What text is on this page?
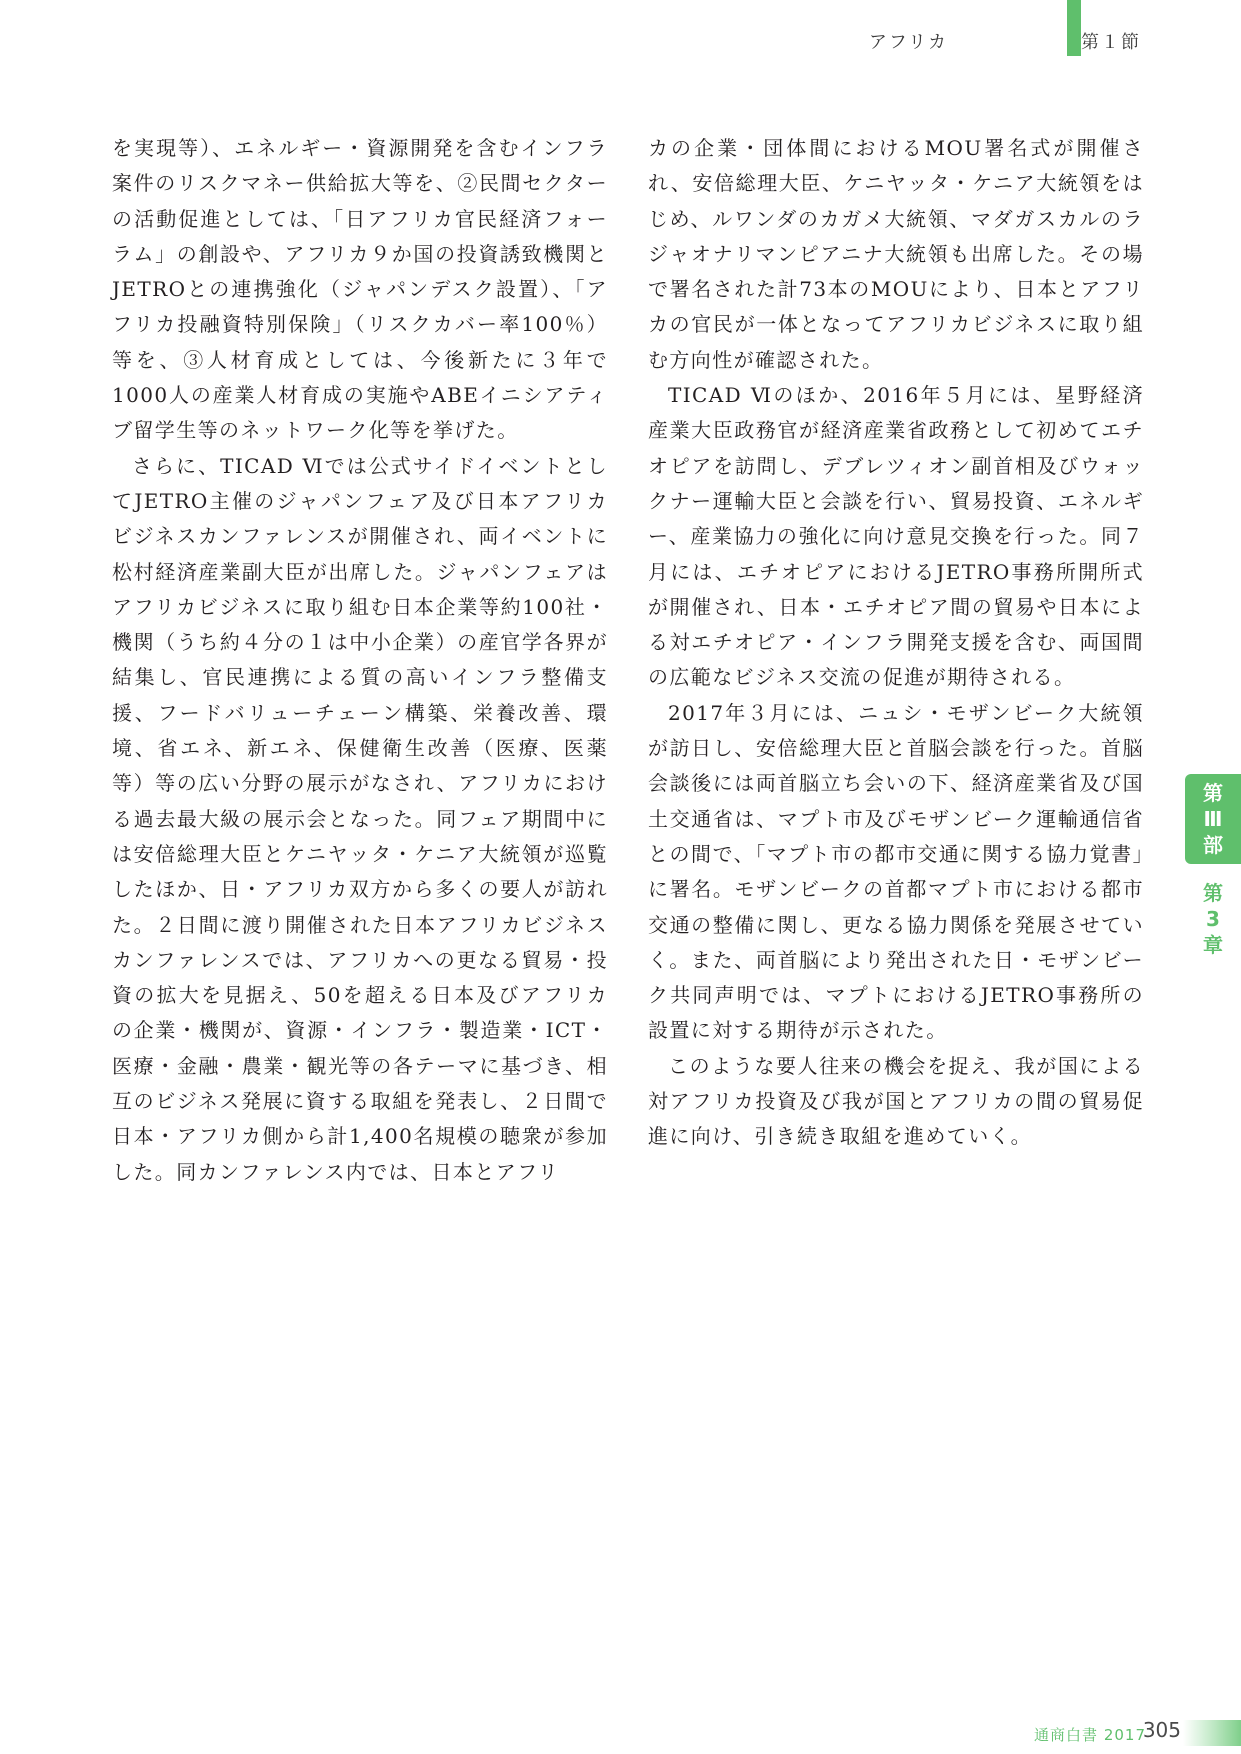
アフリカ	第１節

を実現等）、エネルギー・資源開発を含むインフラ案件のリスクマネー供給拡大等を、②民間セクターの活動促進としては、「日アフリカ官民経済フォーラム」の創設や、アフリカ９か国の投資誘致機関とJETROとの連携強化（ジャパンデスク設置）、「アフリカ投融資特別保険」（リスクカバー率100％）等を、③人材育成としては、今後新たに３年で1000人の産業人材育成の実施やABEイニシアティブ留学生等のネットワーク化等を挙げた。

さらに、TICAD Ⅵでは公式サイドイベントとしてJETRO主催のジャパンフェア及び日本アフリカビジネスカンファレンスが開催され、両イベントに松村経済産業副大臣が出席した。ジャパンフェアはアフリカビジネスに取り組む日本企業等約100社・機関（うち約４分の１は中小企業）の産官学各界が結集し、官民連携による質の高いインフラ整備支援、フードバリューチェーン構築、栄養改善、環境、省エネ、新エネ、保健衛生改善（医療、医薬等）等の広い分野の展示がなされ、アフリカにおける過去最大級の展示会となった。同フェア期間中には安倍総理大臣とケニヤッタ・ケニア大統領が巡覧したほか、日・アフリカ双方から多くの要人が訪れた。２日間に渡り開催された日本アフリカビジネスカンファレンスでは、アフリカへの更なる貿易・投資の拡大を見据え、50を超える日本及びアフリカの企業・機関が、資源・インフラ・製造業・ICT・医療・金融・農業・観光等の各テーマに基づき、相互のビジネス発展に資する取組を発表し、２日間で日本・アフリカ側から計1,400名規模の聴衆が参加した。同カンファレンス内では、日本とアフリ

カの企業・団体間におけるMOU署名式が開催され、安倍総理大臣、ケニヤッタ・ケニア大統領をはじめ、ルワンダのカガメ大統領、マダガスカルのラジャオナリマンピアニナ大統領も出席した。その場で署名された計73本のMOUにより、日本とアフリカの官民が一体となってアフリカビジネスに取り組む方向性が確認された。

TICAD Ⅵのほか、2016年５月には、星野経済産業大臣政務官が経済産業省政務として初めてエチオピアを訪問し、デブレツィオン副首相及びウォックナー運輸大臣と会談を行い、貿易投資、エネルギー、産業協力の強化に向け意見交換を行った。同７月には、エチオピアにおけるJETRO事務所開所式が開催され、日本・エチオピア間の貿易や日本による対エチオピア・インフラ開発支援を含む、両国間の広範なビジネス交流の促進が期待される。

2017年３月には、ニュシ・モザンビーク大統領が訪日し、安倍総理大臣と首脳会談を行った。首脳会談後には両首脳立ち会いの下、経済産業省及び国土交通省は、マプト市及びモザンビーク運輸通信省との間で、「マプト市の都市交通に関する協力覚書」に署名。モザンビークの首都マプト市における都市交通の整備に関し、更なる協力関係を発展させていく。また、両首脳により発出された日・モザンビーク共同声明では、マプトにおけるJETRO事務所の設置に対する期待が示された。

このような要人往来の機会を捉え、我が国による対アフリカ投資及び我が国とアフリカの間の貿易促進に向け、引き続き取組を進めていく。

第
Ⅲ
部
第
3
章
通商白書 2017
305
